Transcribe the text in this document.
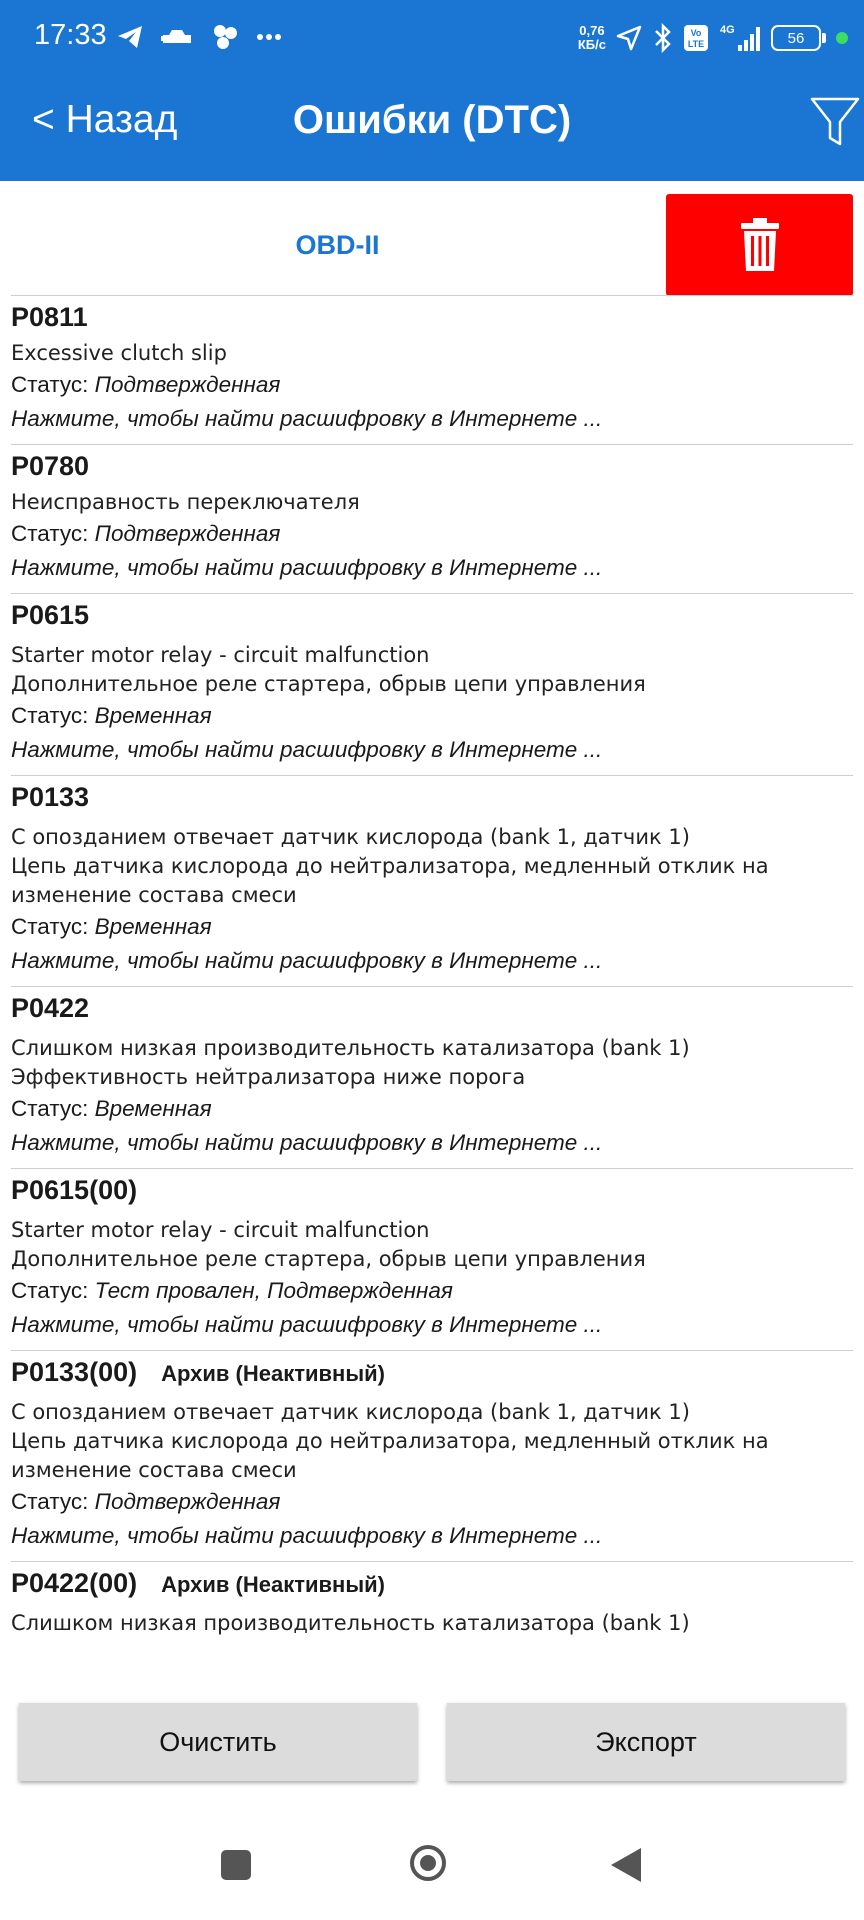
17:33	0,76
КБ/с
Vo
LTE
4G	56
< Назад	Ошибки (DTC)
OBD-II
P0811
Excessive clutch slip
Статус: Подтвержденная
Нажмите, чтобы найти расшифровку в Интернете ...
P0780
Неисправность переключателя
Статус: Подтвержденная
Нажмите, чтобы найти расшифровку в Интернете ...
P0615
Starter motor relay - circuit malfunction
Дополнительное реле стартера, обрыв цепи управления
Статус: Временная
Нажмите, чтобы найти расшифровку в Интернете ...
P0133
С опозданием отвечает датчик кислорода (bank 1, датчик 1)
Цепь датчика кислорода до нейтрализатора, медленный отклик на изменение состава смеси
Статус: Временная
Нажмите, чтобы найти расшифровку в Интернете ...
P0422
Слишком низкая производительность катализатора (bank 1)
Эффективность нейтрализатора ниже порога
Статус: Временная
Нажмите, чтобы найти расшифровку в Интернете ...
P0615(00)
Starter motor relay - circuit malfunction
Дополнительное реле стартера, обрыв цепи управления
Статус: Тест провален, Подтвержденная
Нажмите, чтобы найти расшифровку в Интернете ...
P0133(00) Архив (Неактивный)
С опозданием отвечает датчик кислорода (bank 1, датчик 1)
Цепь датчика кислорода до нейтрализатора, медленный отклик на изменение состава смеси
Статус: Подтвержденная
Нажмите, чтобы найти расшифровку в Интернете ...
P0422(00) Архив (Неактивный)
Слишком низкая производительность катализатора (bank 1)
Очистить	Экспорт
